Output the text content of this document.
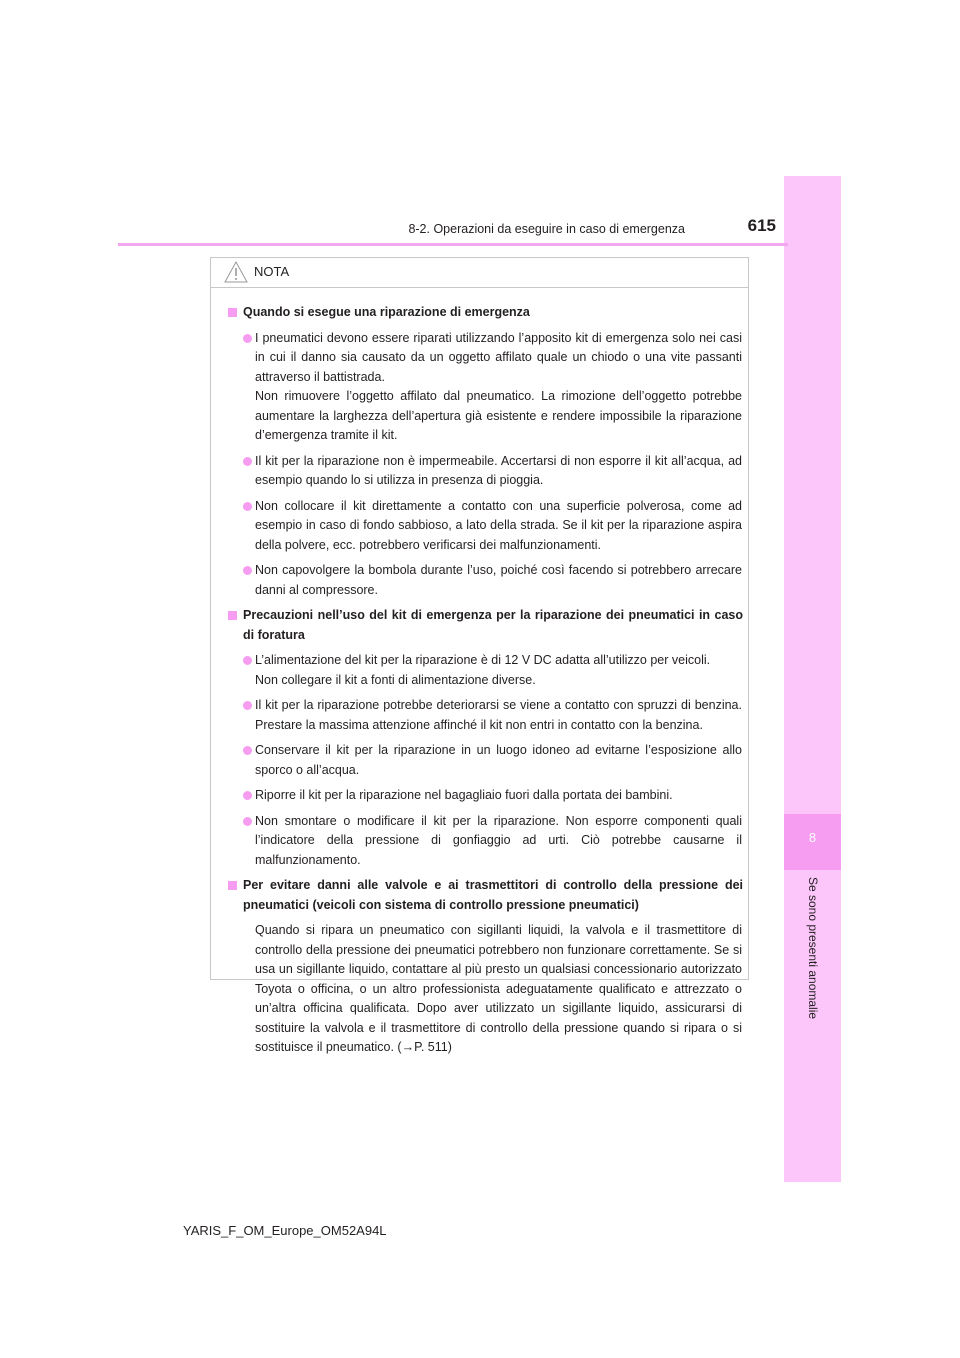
8
Se sono presenti anomalie
8-2. Operazioni da eseguire in caso di emergenza	615
NOTA
Quando si esegue una riparazione di emergenza
I pneumatici devono essere riparati utilizzando l’apposito kit di emergenza solo nei casi in cui il danno sia causato da un oggetto affilato quale un chiodo o una vite passanti attraverso il battistrada.
Non rimuovere l’oggetto affilato dal pneumatico. La rimozione dell’oggetto potrebbe aumentare la larghezza dell’apertura già esistente e rendere impossibile la riparazione d’emergenza tramite il kit.
Il kit per la riparazione non è impermeabile. Accertarsi di non esporre il kit all’acqua, ad esempio quando lo si utilizza in presenza di pioggia.
Non collocare il kit direttamente a contatto con una superficie polverosa, come ad esempio in caso di fondo sabbioso, a lato della strada. Se il kit per la riparazione aspira della polvere, ecc. potrebbero verificarsi dei malfunzionamenti.
Non capovolgere la bombola durante l’uso, poiché così facendo si potrebbero arrecare danni al compressore.
Precauzioni nell’uso del kit di emergenza per la riparazione dei pneumatici in caso di foratura
L’alimentazione del kit per la riparazione è di 12 V DC adatta all’utilizzo per veicoli.
Non collegare il kit a fonti di alimentazione diverse.
Il kit per la riparazione potrebbe deteriorarsi se viene a contatto con spruzzi di benzina. Prestare la massima attenzione affinché il kit non entri in contatto con la benzina.
Conservare il kit per la riparazione in un luogo idoneo ad evitarne l’esposizione allo sporco o all’acqua.
Riporre il kit per la riparazione nel bagagliaio fuori dalla portata dei bambini.
Non smontare o modificare il kit per la riparazione. Non esporre componenti quali l’indicatore della pressione di gonfiaggio ad urti. Ciò potrebbe causarne il malfunzionamento.
Per evitare danni alle valvole e ai trasmettitori di controllo della pressione dei pneumatici (veicoli con sistema di controllo pressione pneumatici)
Quando si ripara un pneumatico con sigillanti liquidi, la valvola e il trasmettitore di controllo della pressione dei pneumatici potrebbero non funzionare correttamente. Se si usa un sigillante liquido, contattare al più presto un qualsiasi concessionario autorizzato Toyota o officina, o un altro professionista adeguatamente qualificato e attrezzato o un’altra officina qualificata. Dopo aver utilizzato un sigillante liquido, assicurarsi di sostituire la valvola e il trasmettitore di controllo della pressione quando si ripara o si sostituisce il pneumatico. (→P. 511)
YARIS_F_OM_Europe_OM52A94L
